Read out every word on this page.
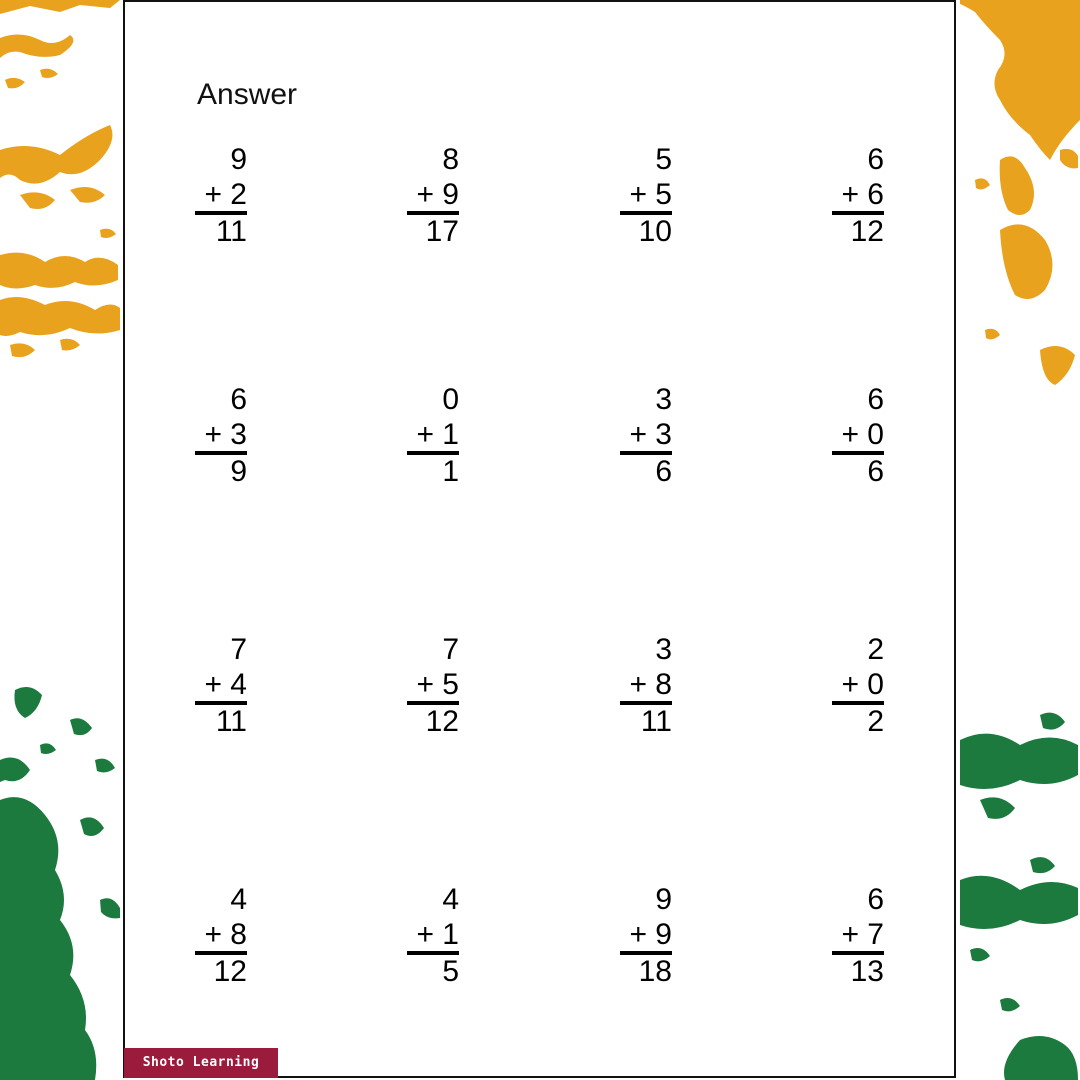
Answer
9
+ 2
11
8
+ 9
17
5
+ 5
10
6
+ 6
12
6
+ 3
9
0
+ 1
1
3
+ 3
6
6
+ 0
6
7
+ 4
11
7
+ 5
12
3
+ 8
11
2
+ 0
2
4
+ 8
12
4
+ 1
5
9
+ 9
18
6
+ 7
13
Shoto Learning
